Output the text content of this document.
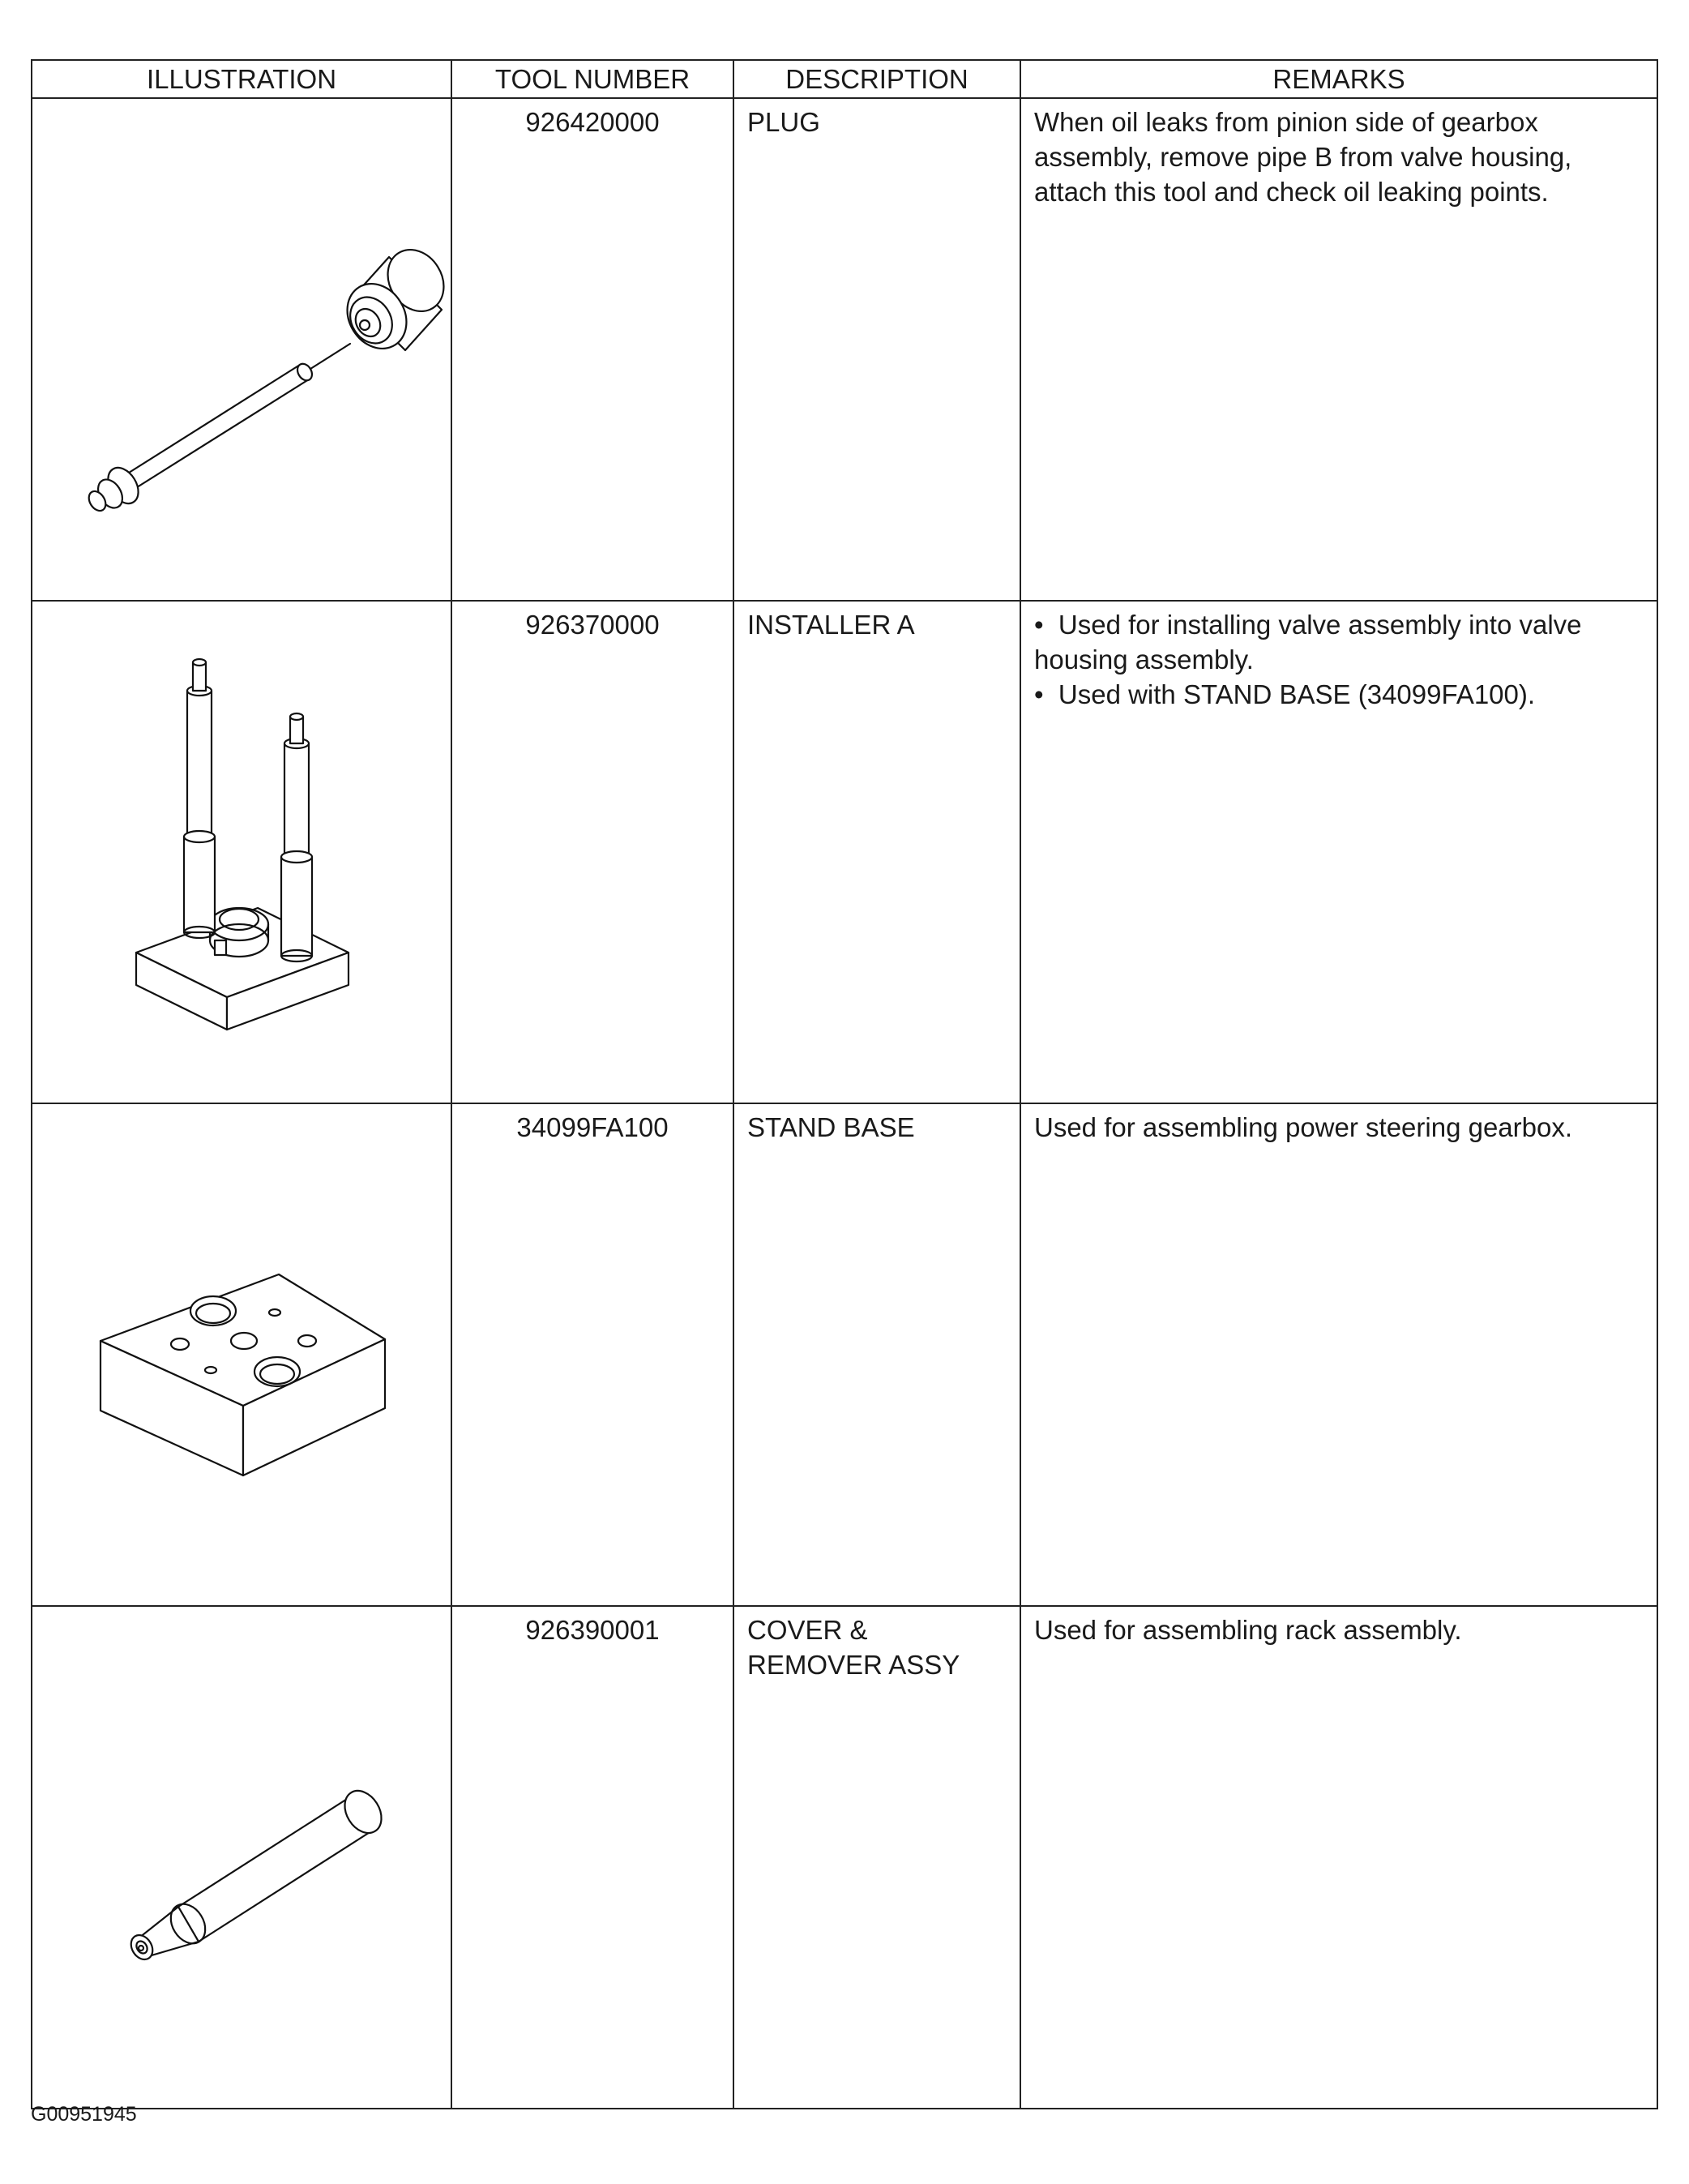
ILLUSTRATION	TOOL NUMBER	DESCRIPTION	REMARKS

	926420000	PLUG	When oil leaks from pinion side of gearbox
assembly, remove pipe B from valve housing,
attach this tool and check oil leaking points.

	926370000	INSTALLER A	•  Used for installing valve assembly into valve housing assembly.
•  Used with STAND BASE (34099FA100).

	34099FA100	STAND BASE	Used for assembling power steering gearbox.

	926390001	COVER & REMOVER ASSY	Used for assembling rack assembly.
G00951945
